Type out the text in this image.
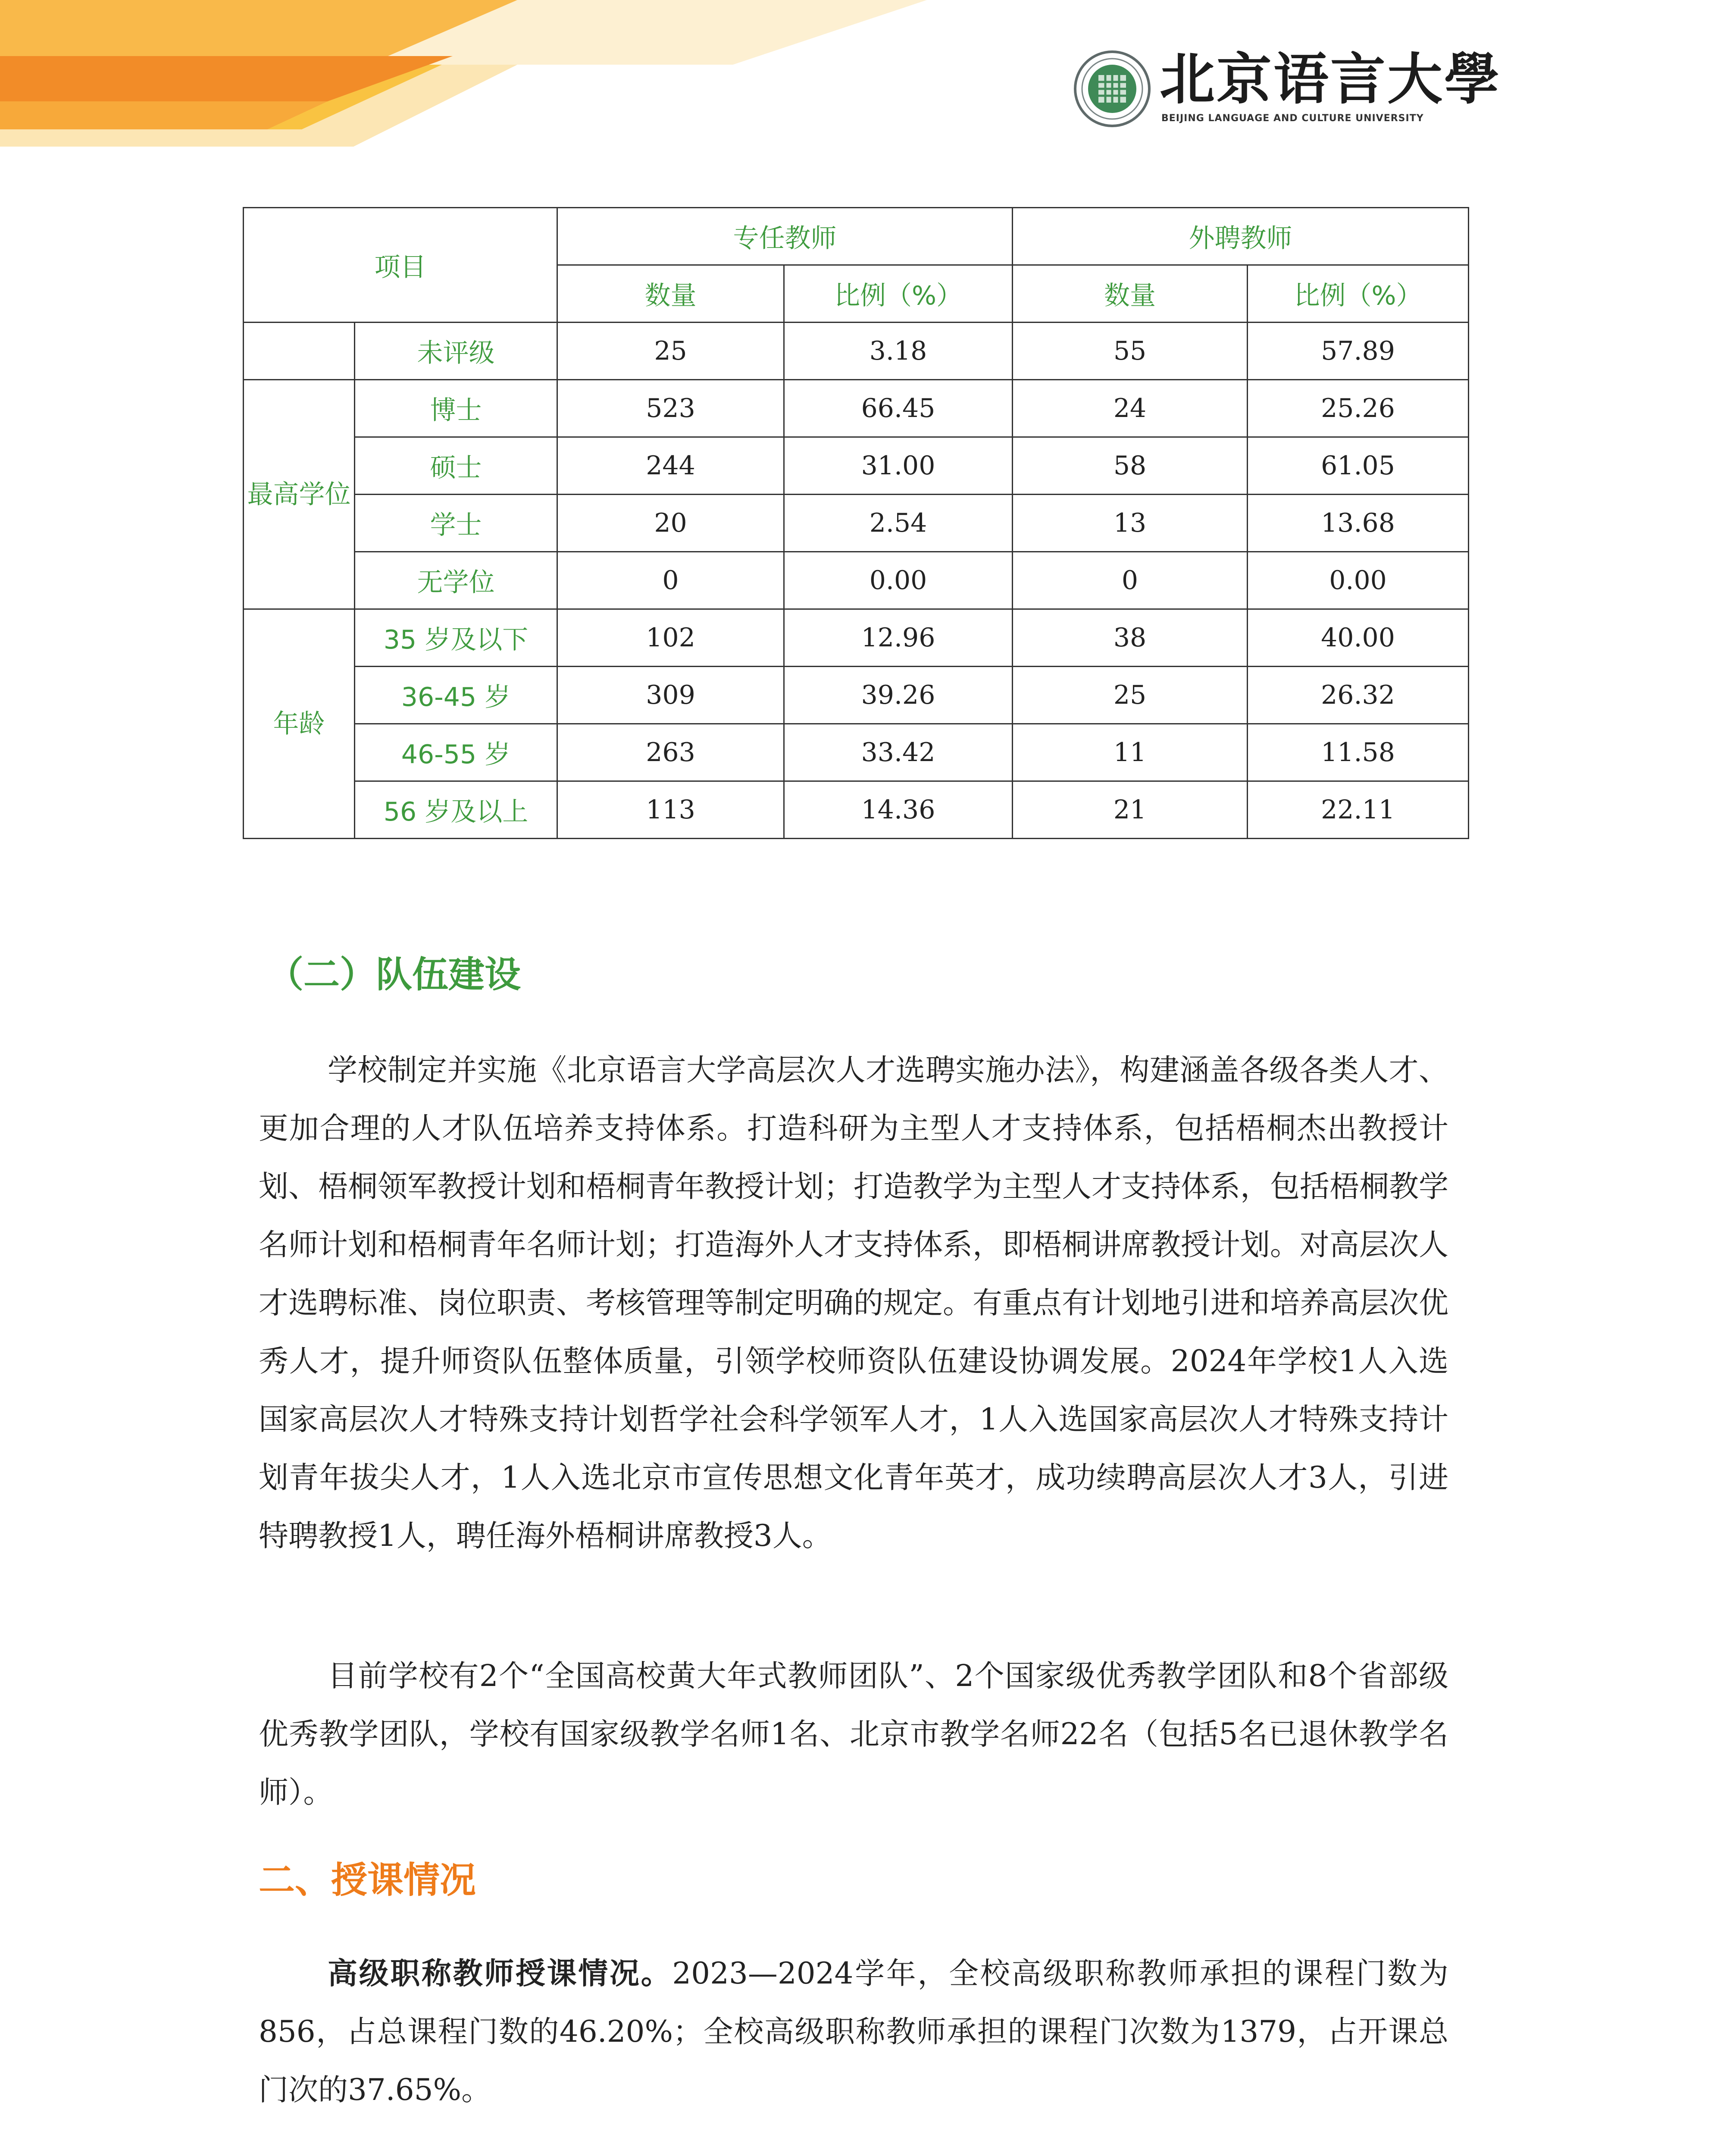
北京语言大學
BEIJING LANGUAGE AND CULTURE UNIVERSITY
项目		专任教师		外聘教师	
		数量	比例（%）	数量	比例（%）
	未评级	25	3.18	55	57.89
最高学位	博士	523	66.45	24	25.26
	硕士	244	31.00	58	61.05
	学士	20	2.54	13	13.68
	无学位	0	0.00	0	0.00
年龄	35 岁及以下	102	12.96	38	40.00
	36-45 岁	309	39.26	25	26.32
	46-55 岁	263	33.42	11	11.58
	56 岁及以上	113	14.36	21	22.11
（二）队伍建设

学校制定并实施《北京语言大学高层次人才选聘实施办法》，构建涵盖各级各类人才、更加合理的人才队伍培养支持体系。打造科研为主型人才支持体系，包括梧桐杰出教授计划、梧桐领军教授计划和梧桐青年教授计划；打造教学为主型人才支持体系，包括梧桐教学名师计划和梧桐青年名师计划；打造海外人才支持体系，即梧桐讲席教授计划。对高层次人才选聘标准、岗位职责、考核管理等制定明确的规定。有重点有计划地引进和培养高层次优秀人才，提升师资队伍整体质量，引领学校师资队伍建设协调发展。2024年学校1人入选国家高层次人才特殊支持计划哲学社会科学领军人才，1人入选国家高层次人才特殊支持计划青年拔尖人才，1人入选北京市宣传思想文化青年英才，成功续聘高层次人才3人，引进特聘教授1人，聘任海外梧桐讲席教授3人。

目前学校有2个“全国高校黄大年式教师团队”、2个国家级优秀教学团队和8个省部级优秀教学团队，学校有国家级教学名师1名、北京市教学名师22名（包括5名已退休教学名师）。

二、授课情况

高级职称教师授课情况。2023—2024学年，全校高级职称教师承担的课程门数为856，占总课程门数的46.20%；全校高级职称教师承担的课程门次数为1379，占开课总门次的37.65%。
